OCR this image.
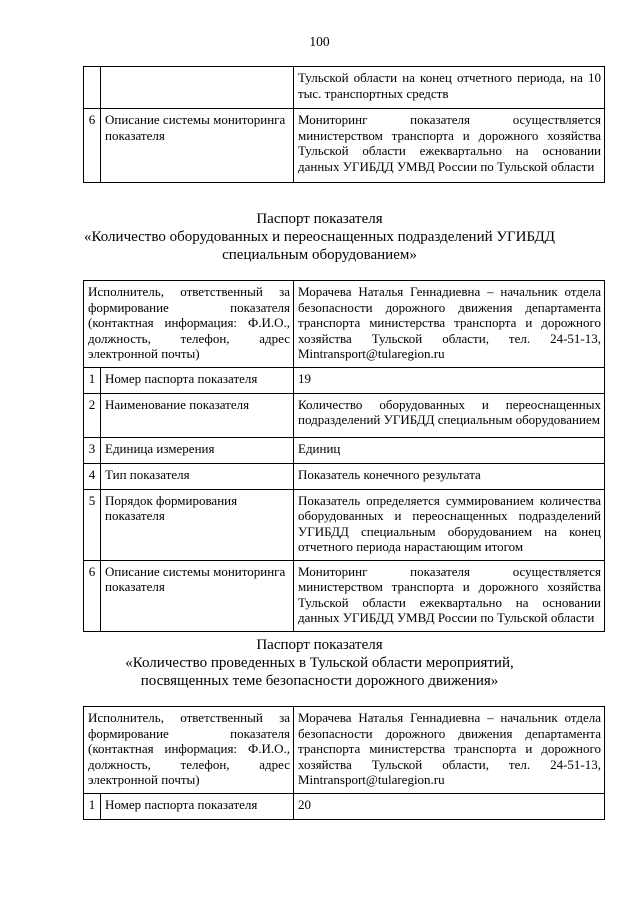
100
		Тульской области на конец отчетного периода, на 10 тыс. транспортных средств
6	Описание системы мониторинга показателя	Мониторинг показателя осуществляется министерством транспорта и дорожного хозяйства Тульской области ежеквартально на основании данных УГИБДД УМВД России по Тульской области
Паспорт показателя
«Количество оборудованных и переоснащенных подразделений УГИБДД
специальным оборудованием»
Исполнитель, ответственный за формирование показателя (контактная информация: Ф.И.О., должность, телефон, адрес электронной почты)		Морачева Наталья Геннадиевна – начальник отдела безопасности дорожного движения департамента транспорта министерства транспорта и дорожного хозяйства Тульской области, тел. 24-51-13, Mintransport@tularegion.ru
1	Номер паспорта показателя	19
2	Наименование показателя	Количество оборудованных и переоснащенных подразделений УГИБДД специальным оборудованием
3	Единица измерения	Единиц
4	Тип показателя	Показатель конечного результата
5	Порядок формирования показателя	Показатель определяется суммированием количества оборудованных и переоснащенных подразделений УГИБДД специальным оборудованием на конец отчетного периода нарастающим итогом
6	Описание системы мониторинга показателя	Мониторинг показателя осуществляется министерством транспорта и дорожного хозяйства Тульской области ежеквартально на основании данных УГИБДД УМВД России по Тульской области
Паспорт показателя
«Количество проведенных в Тульской области мероприятий,
посвященных теме безопасности дорожного движения»
Исполнитель, ответственный за формирование показателя (контактная информация: Ф.И.О., должность, телефон, адрес электронной почты)		Морачева Наталья Геннадиевна – начальник отдела безопасности дорожного движения департамента транспорта министерства транспорта и дорожного хозяйства Тульской области, тел. 24-51-13, Mintransport@tularegion.ru
1	Номер паспорта показателя	20
